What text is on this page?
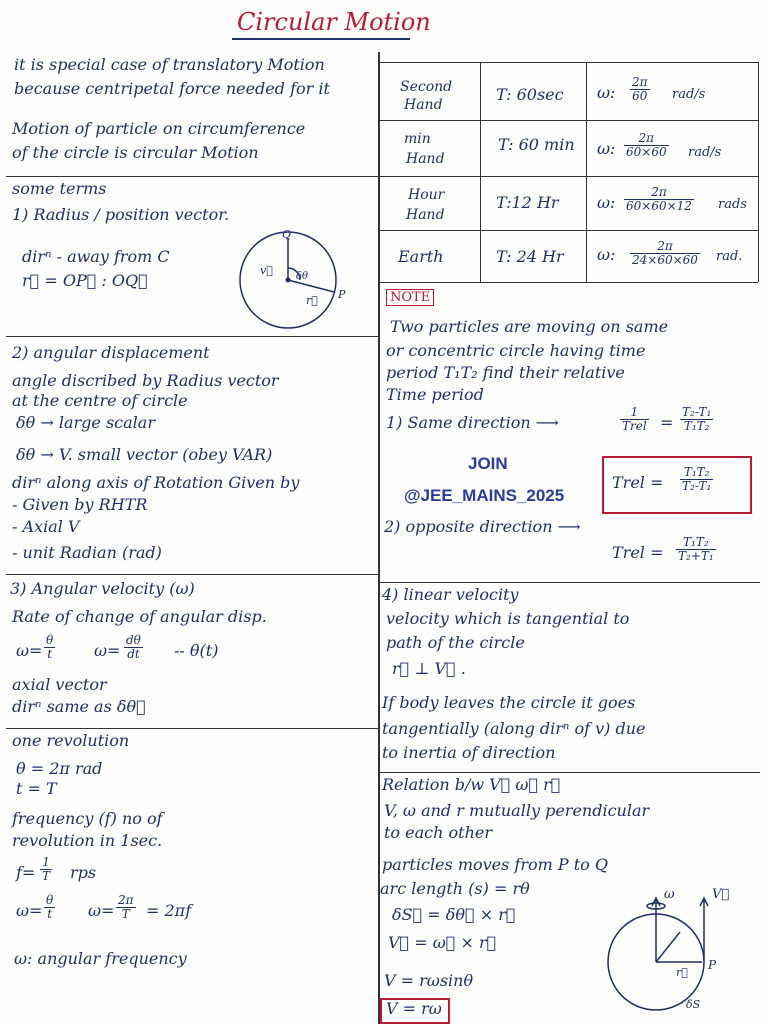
Circular Motion
it is special case of translatory Motion
because centripetal force needed for it
Motion of particle on circumference
of the circle is circular Motion
Second
Hand
T: 60sec ω: $\frac{2\pi}{60} rad/s$
min
Hand
T: 60 min ω: $\frac{2\pi}{60\times 60} rad/s$
Hour
Hand
T:12 Hr ω: $\frac{2\pi}{60\times 60\times 12}$ rads
Earth	T: 24 Hr ω: $\frac{2\pi}{24\times 60\times 60}$ rad.
some terms
1) Radius / position vector.
dirⁿ - away from C
r⃗ = OP⃗ : OQ⃗
Q
P
v⃗
r⃗
δθ
2) angular displacement
angle discribed by Radius vector
at the centre of circle
δθ → large scalar
δθ → V. small vector (obey VAR)
dirⁿ along axis of Rotation Given by
- Given by RHTR
- Axial V
- unit Radian (rad)
NOTE
Two particles are moving on same
or concentric circle having time
period T₁T₂ find their relative
Time period
1) Same direction ⟶
1
Trel = $\frac{\text{T₂-T₁}}{\text{T₁T₂}}$
JOIN
@JEE_MAINS_2025
Trel = $\frac{\text{T₁T₂}}{\text{T₂-T₁}}$
2) opposite direction ⟶
Trel = $\frac{\text{T₁T₂}}{\text{T₂+T₁}}$
3) Angular velocity (ω)
Rate of change of angular disp.
$\omega= \frac{\theta}{t} \omega= \frac{d\theta}{dt} -- \theta(t)$
axial vector
dirⁿ same as δθ⃗
one revolution
θ = 2π rad
t = T
frequency (f) no of
revolution in 1sec.
$f= \frac{1}{T}$ rps
$\omega= \frac{\theta}{t} \omega= \frac{2\pi}{T} = 2\pi f$
ω: angular frequency
4) linear velocity
velocity which is tangential to
path of the circle
r⃗ ⊥ V⃗ .
If body leaves the circle it goes
tangentially (along dirⁿ of v) due
to inertia of direction
Relation b/w V⃗ ω⃗ r⃗
V, ω and r mutually perendicular
to each other
particles moves from P to Q
arc length (s) = rθ
δS⃗ = δθ⃗ × r⃗
V⃗ = ω⃗ × r⃗
V = rωsinθ
V = rω
ω	V⃗
P
r⃗
δS
